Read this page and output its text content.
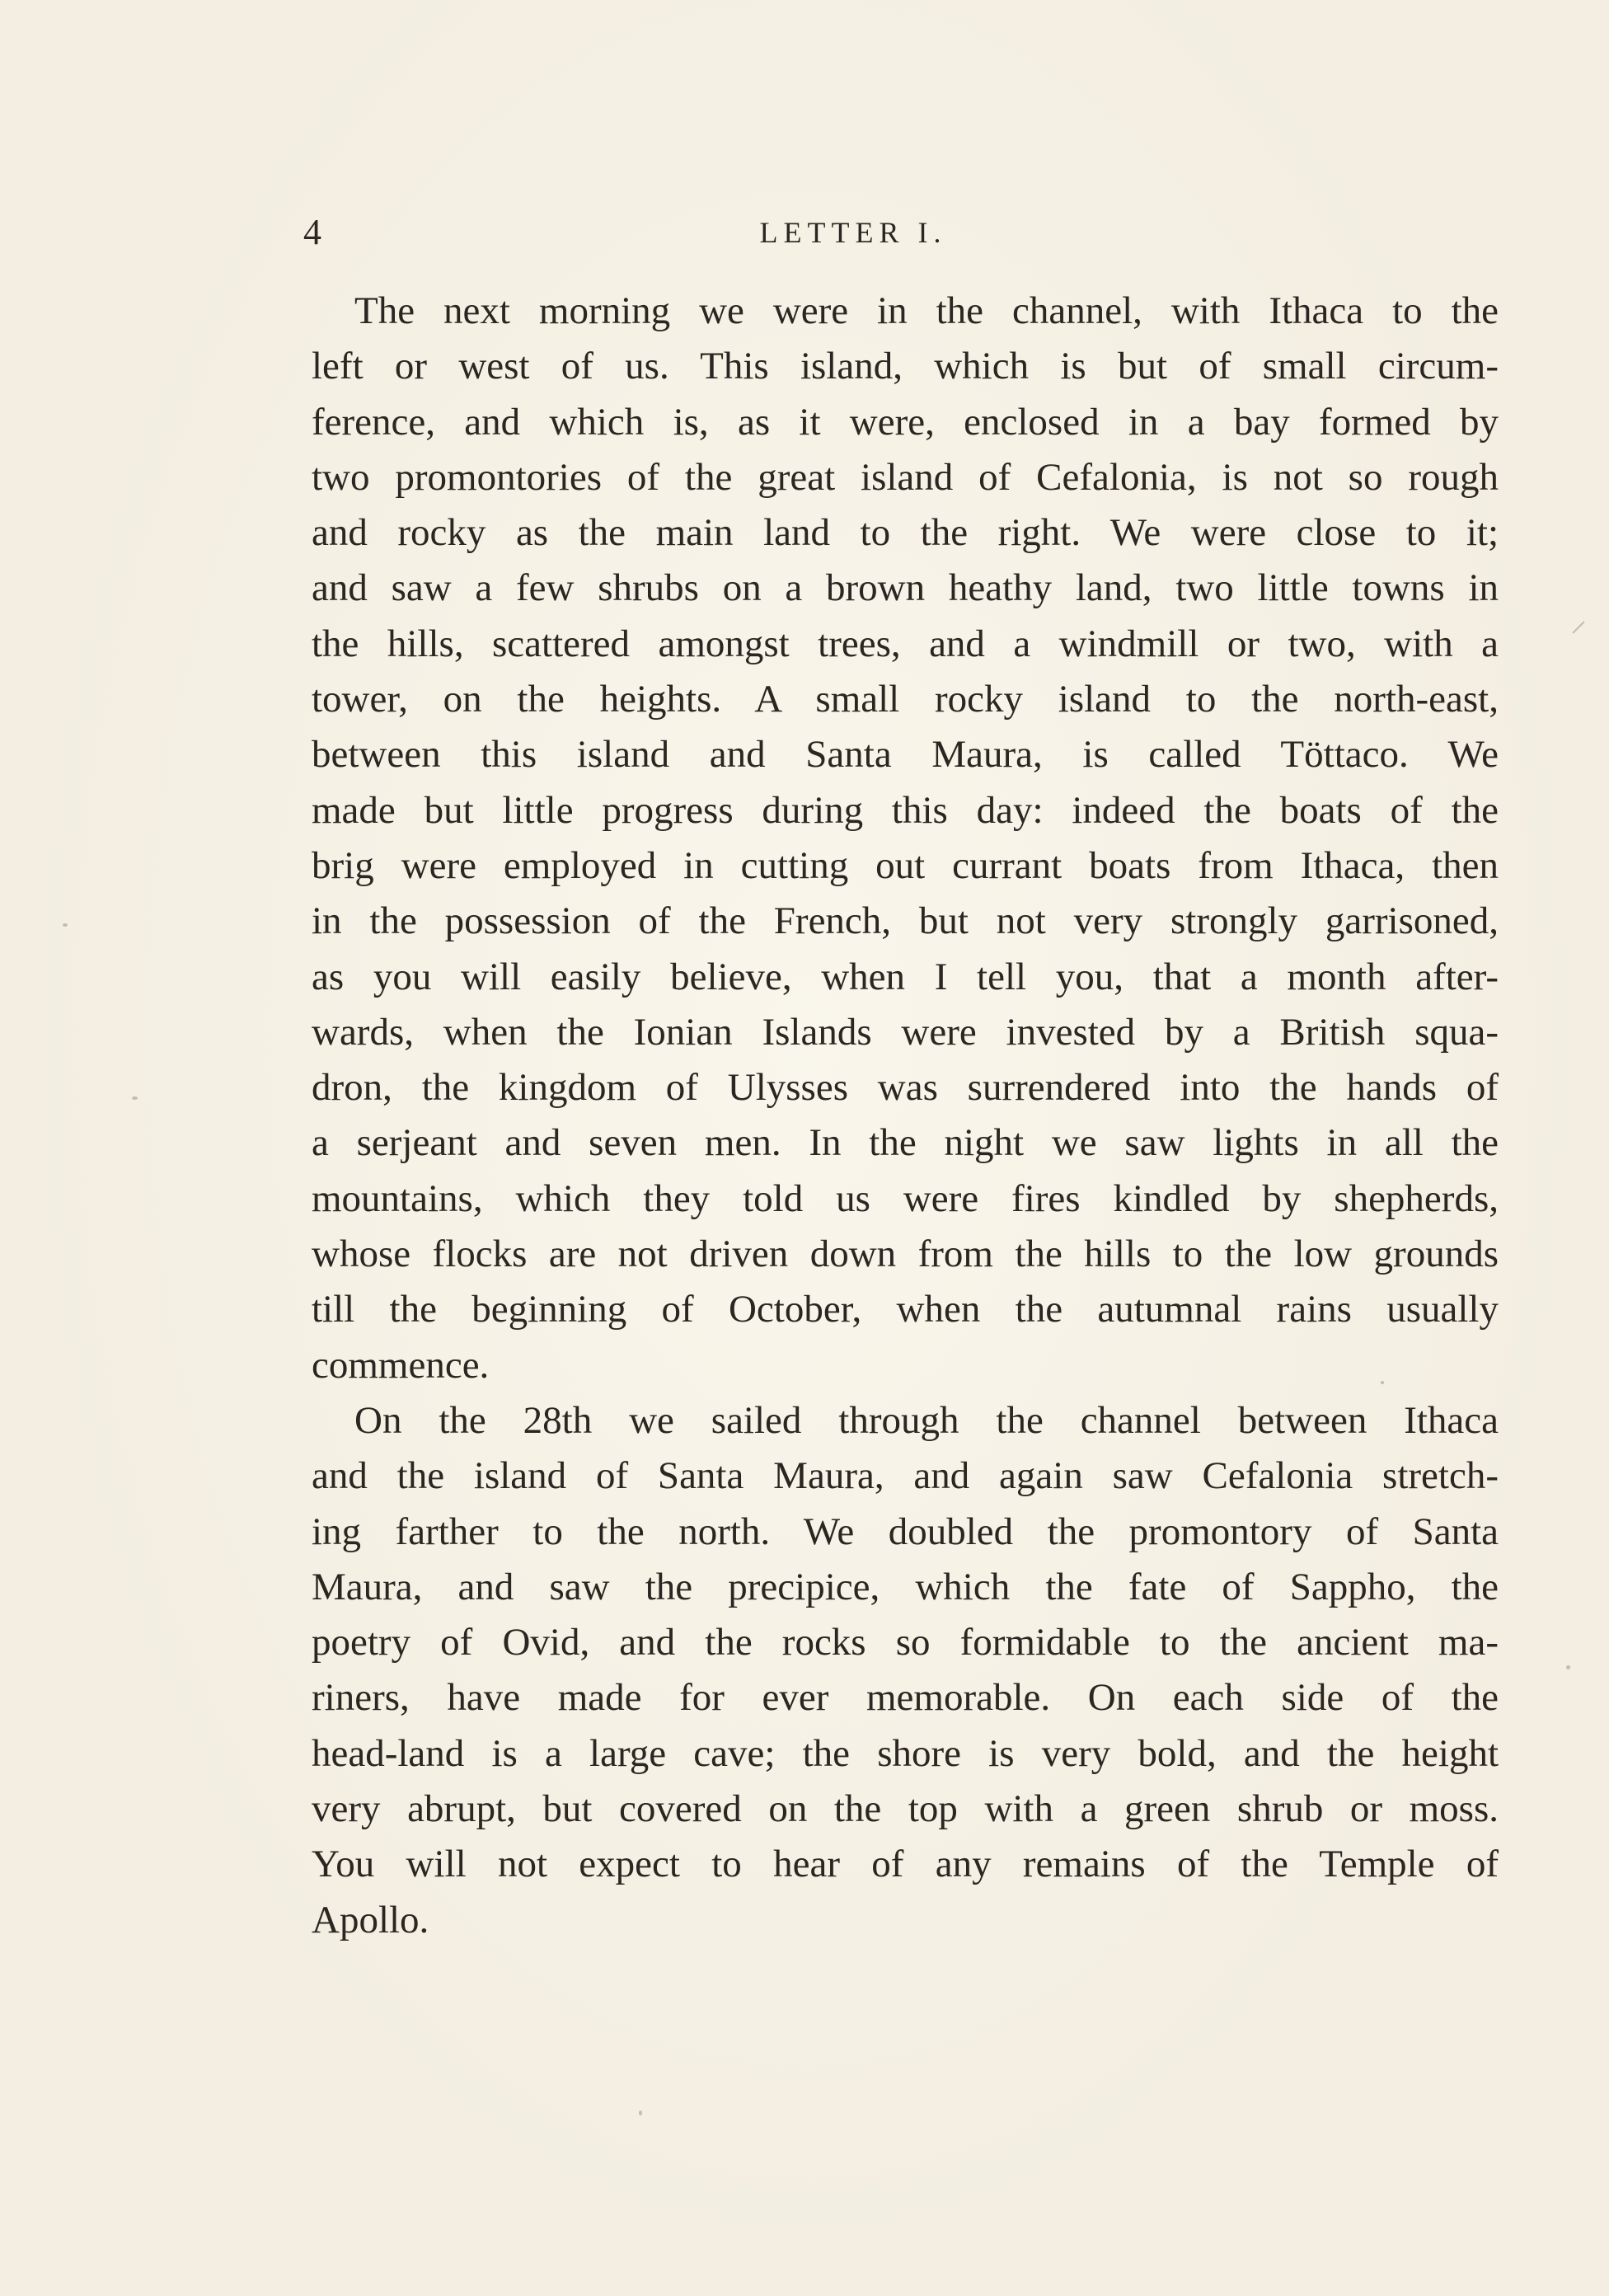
4	LETTER I.
The next morning we were in the channel, with Ithaca to the
left or west of us. This island, which is but of small circum-
ference, and which is, as it were, enclosed in a bay formed by
two promontories of the great island of Cefalonia, is not so rough
and rocky as the main land to the right. We were close to it;
and saw a few shrubs on a brown heathy land, two little towns in
the hills, scattered amongst trees, and a windmill or two, with a
tower, on the heights. A small rocky island to the north-east,
between this island and Santa Maura, is called Töttaco. We
made but little progress during this day: indeed the boats of the
brig were employed in cutting out currant boats from Ithaca, then
in the possession of the French, but not very strongly garrisoned,
as you will easily believe, when I tell you, that a month after-
wards, when the Ionian Islands were invested by a British squa-
dron, the kingdom of Ulysses was surrendered into the hands of
a serjeant and seven men. In the night we saw lights in all the
mountains, which they told us were fires kindled by shepherds,
whose flocks are not driven down from the hills to the low grounds
till the beginning of October, when the autumnal rains usually
commence.
On the 28th we sailed through the channel between Ithaca
and the island of Santa Maura, and again saw Cefalonia stretch-
ing farther to the north. We doubled the promontory of Santa
Maura, and saw the precipice, which the fate of Sappho, the
poetry of Ovid, and the rocks so formidable to the ancient ma-
riners, have made for ever memorable. On each side of the
head-land is a large cave; the shore is very bold, and the height
very abrupt, but covered on the top with a green shrub or moss.
You will not expect to hear of any remains of the Temple of
Apollo.
